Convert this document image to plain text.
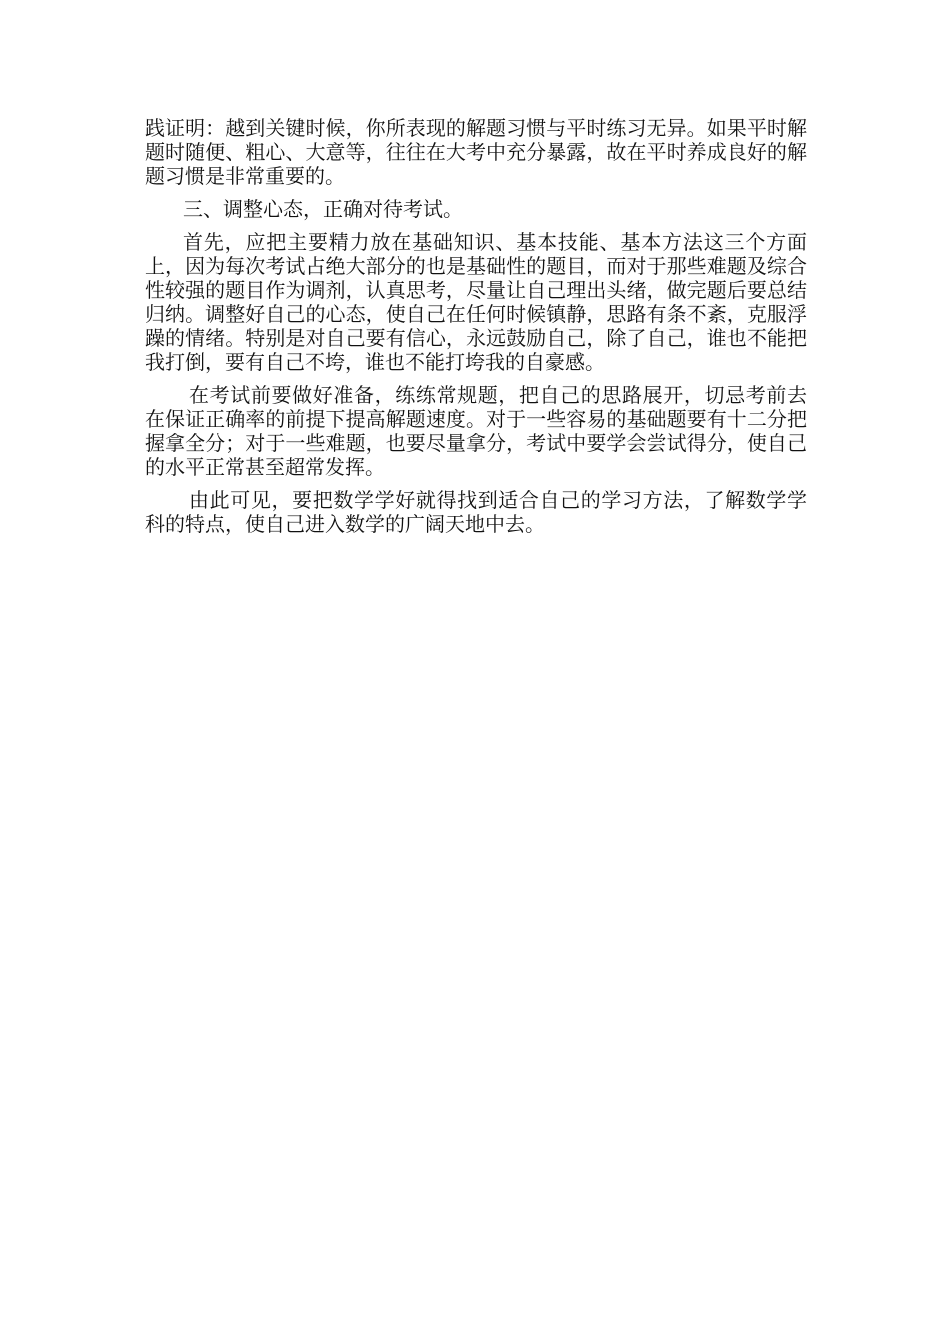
践证明：越到关键时候，你所表现的解题习惯与平时练习无异。如果平时解题时随便、粗心、大意等，往往在大考中充分暴露，故在平时养成良好的解题习惯是非常重要的。

三、调整心态，正确对待考试。

首先，应把主要精力放在基础知识、基本技能、基本方法这三个方面上，因为每次考试占绝大部分的也是基础性的题目，而对于那些难题及综合性较强的题目作为调剂，认真思考，尽量让自己理出头绪，做完题后要总结归纳。调整好自己的心态，使自己在任何时候镇静，思路有条不紊，克服浮躁的情绪。特别是对自己要有信心，永远鼓励自己，除了自己，谁也不能把我打倒，要有自己不垮，谁也不能打垮我的自豪感。

在考试前要做好准备，练练常规题，把自己的思路展开，切忌考前去在保证正确率的前提下提高解题速度。对于一些容易的基础题要有十二分把握拿全分；对于一些难题，也要尽量拿分，考试中要学会尝试得分，使自己的水平正常甚至超常发挥。

由此可见，要把数学学好就得找到适合自己的学习方法，了解数学学科的特点，使自己进入数学的广阔天地中去。
